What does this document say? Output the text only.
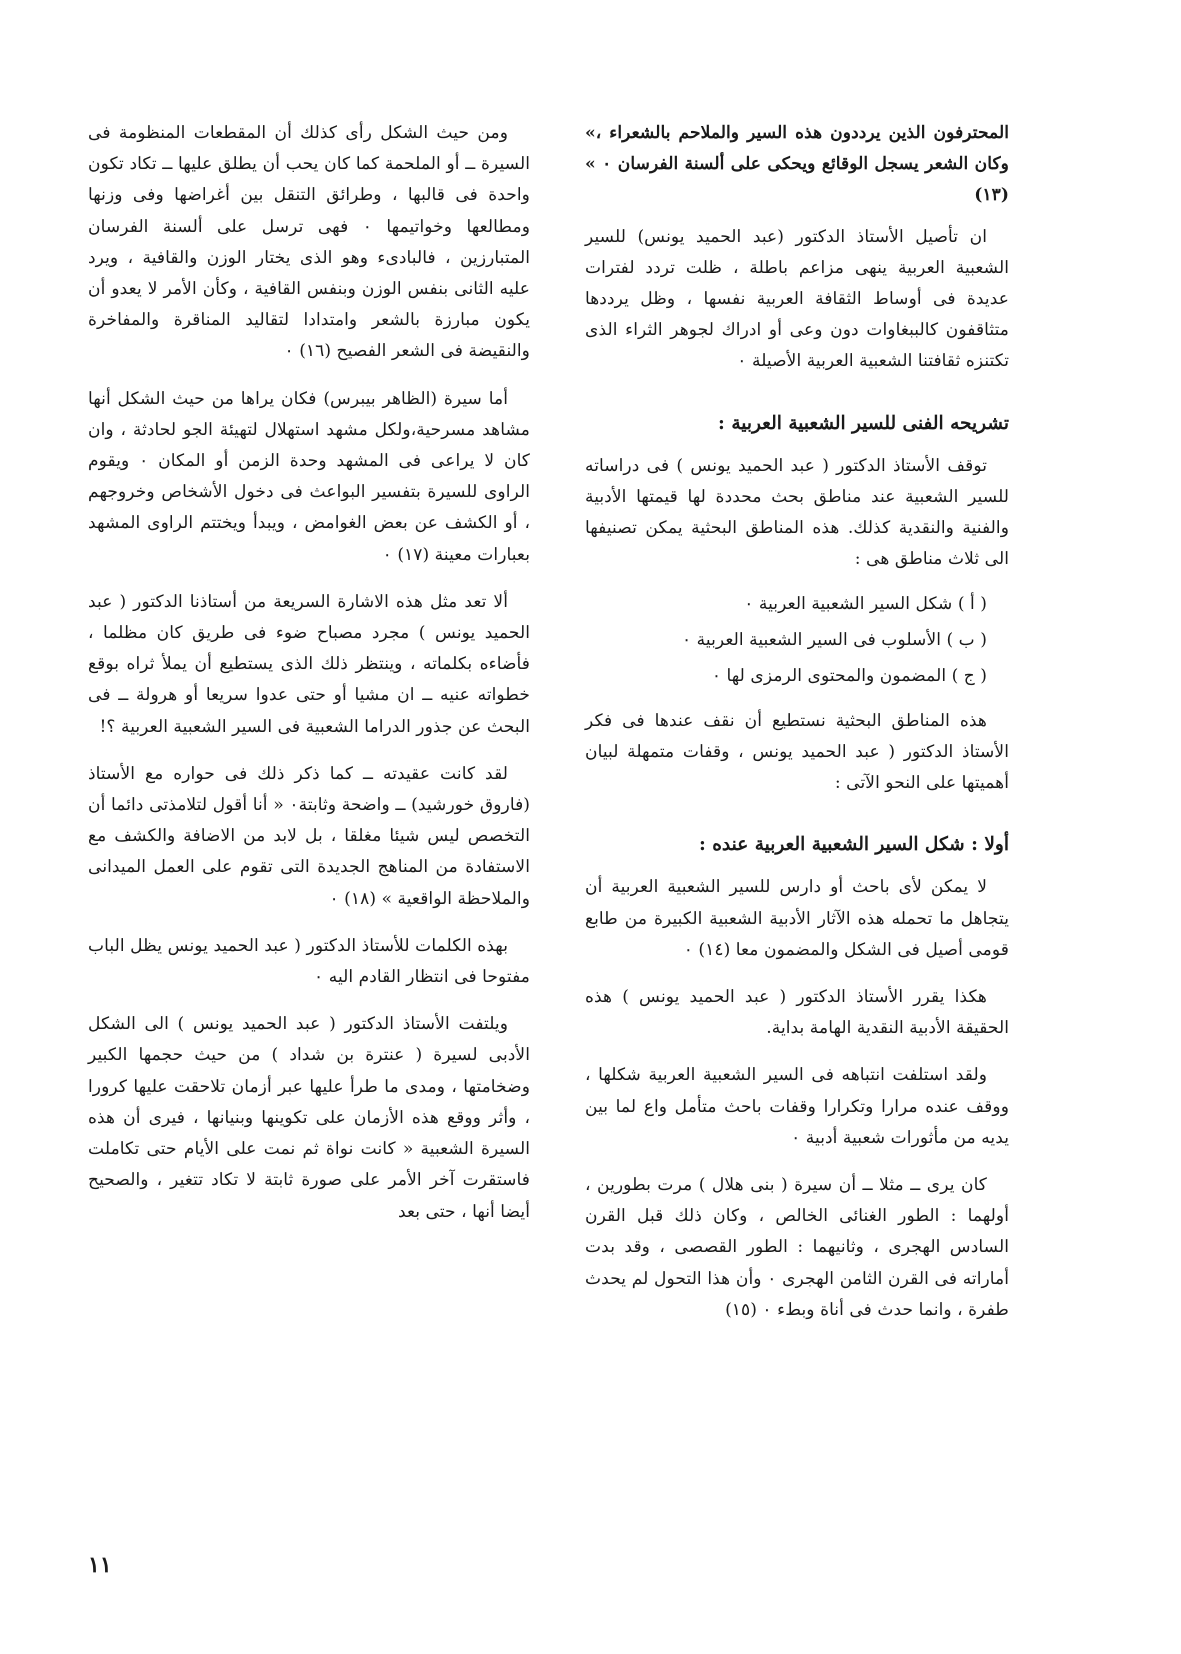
المحترفون الذين يرددون هذه السير والملاحم بالشعراء ،» وكان الشعر يسجل الوقائع ويحكى على ألسنة الفرسان ٠ » (١٣)

ان تأصيل الأستاذ الدكتور (عبد الحميد يونس) للسير الشعبية العربية ينهى مزاعم باطلة ، ظلت تردد لفترات عديدة فى أوساط الثقافة العربية نفسها ، وظل يرددها متثاقفون كالببغاوات دون وعى أو ادراك لجوهر الثراء الذى تكتنزه ثقافتنا الشعبية العربية الأصيلة ٠

تشريحه الفنى للسير الشعبية العربية :

توقف الأستاذ الدكتور ( عبد الحميد يونس ) فى دراساته للسير الشعبية عند مناطق بحث محددة لها قيمتها الأدبية والفنية والنقدية كذلك. هذه المناطق البحثية يمكن تصنيفها الى ثلاث مناطق هى :

( أ ) شكل السير الشعبية العربية ٠
( ب ) الأسلوب فى السير الشعبية العربية ٠
( ج ) المضمون والمحتوى الرمزى لها ٠

هذه المناطق البحثية نستطيع أن نقف عندها فى فكر الأستاذ الدكتور ( عبد الحميد يونس ، وقفات متمهلة لبيان أهميتها على النحو الآتى :

أولا : شكل السير الشعبية العربية عنده :

لا يمكن لأى باحث أو دارس للسير الشعبية العربية أن يتجاهل ما تحمله هذه الآثار الأدبية الشعبية الكبيرة من طابع قومى أصيل فى الشكل والمضمون معا (١٤) ٠

هكذا يقرر الأستاذ الدكتور ( عبد الحميد يونس ) هذه الحقيقة الأدبية النقدية الهامة بداية.

ولقد استلفت انتباهه فى السير الشعبية العربية شكلها ، ووقف عنده مرارا وتكرارا وقفات باحث متأمل واع لما بين يديه من مأثورات شعبية أدبية ٠

كان يرى ــ مثلا ــ أن سيرة ( بنى هلال ) مرت بطورين ، أولهما : الطور الغنائى الخالص ، وكان ذلك قبل القرن السادس الهجرى ، وثانيهما : الطور القصصى ، وقد بدت أماراته فى القرن الثامن الهجرى ٠ وأن هذا التحول لم يحدث طفرة ، وانما حدث فى أناة وبطء ٠ (١٥)

ومن حيث الشكل رأى كذلك أن المقطعات المنظومة فى السيرة ــ أو الملحمة كما كان يحب أن يطلق عليها ــ تكاد تكون واحدة فى قالبها ، وطرائق التنقل بين أغراضها وفى وزنها ومطالعها وخواتيمها ٠ فهى ترسل على ألسنة الفرسان المتبارزين ، فالبادىء وهو الذى يختار الوزن والقافية ، ويرد عليه الثانى بنفس الوزن وبنفس القافية ، وكأن الأمر لا يعدو أن يكون مبارزة بالشعر وامتدادا لتقاليد المناقرة والمفاخرة والنقيضة فى الشعر الفصيح (١٦) ٠

أما سيرة (الظاهر بيبرس) فكان يراها من حيث الشكل أنها مشاهد مسرحية،ولكل مشهد استهلال لتهيئة الجو لحادثة ، وان كان لا يراعى فى المشهد وحدة الزمن أو المكان ٠ ويقوم الراوى للسيرة بتفسير البواعث فى دخول الأشخاص وخروجهم ، أو الكشف عن بعض الغوامض ، ويبدأ ويختتم الراوى المشهد بعبارات معينة (١٧) ٠

ألا تعد مثل هذه الاشارة السريعة من أستاذنا الدكتور ( عبد الحميد يونس ) مجرد مصباح ضوء فى طريق كان مظلما ، فأضاءه بكلماته ، وينتظر ذلك الذى يستطيع أن يملأ ثراه بوقع خطواته عنيه ــ ان مشيا أو حتى عدوا سريعا أو هرولة ــ فى البحث عن جذور الدراما الشعبية فى السير الشعبية العربية ؟!

لقد كانت عقيدته ــ كما ذكر ذلك فى حواره مع الأستاذ (فاروق خورشيد) ــ واضحة وثابتة٠ « أنا أقول لتلامذتى دائما أن التخصص ليس شيئا مغلقا ، بل لابد من الاضافة والكشف مع الاستفادة من المناهج الجديدة التى تقوم على العمل الميدانى والملاحظة الواقعية » (١٨) ٠

بهذه الكلمات للأستاذ الدكتور ( عبد الحميد يونس يظل الباب مفتوحا فى انتظار القادم اليه ٠

ويلتفت الأستاذ الدكتور ( عبد الحميد يونس ) الى الشكل الأدبى لسيرة ( عنترة بن شداد ) من حيث حجمها الكبير وضخامتها ، ومدى ما طرأ عليها عبر أزمان تلاحقت عليها كرورا ، وأثر ووقع هذه الأزمان على تكوينها وبنيانها ، فيرى أن هذه السيرة الشعبية « كانت نواة ثم نمت على الأيام حتى تكاملت فاستقرت آخر الأمر على صورة ثابتة لا تكاد تتغير ، والصحيح أيضا أنها ، حتى بعد

١١
